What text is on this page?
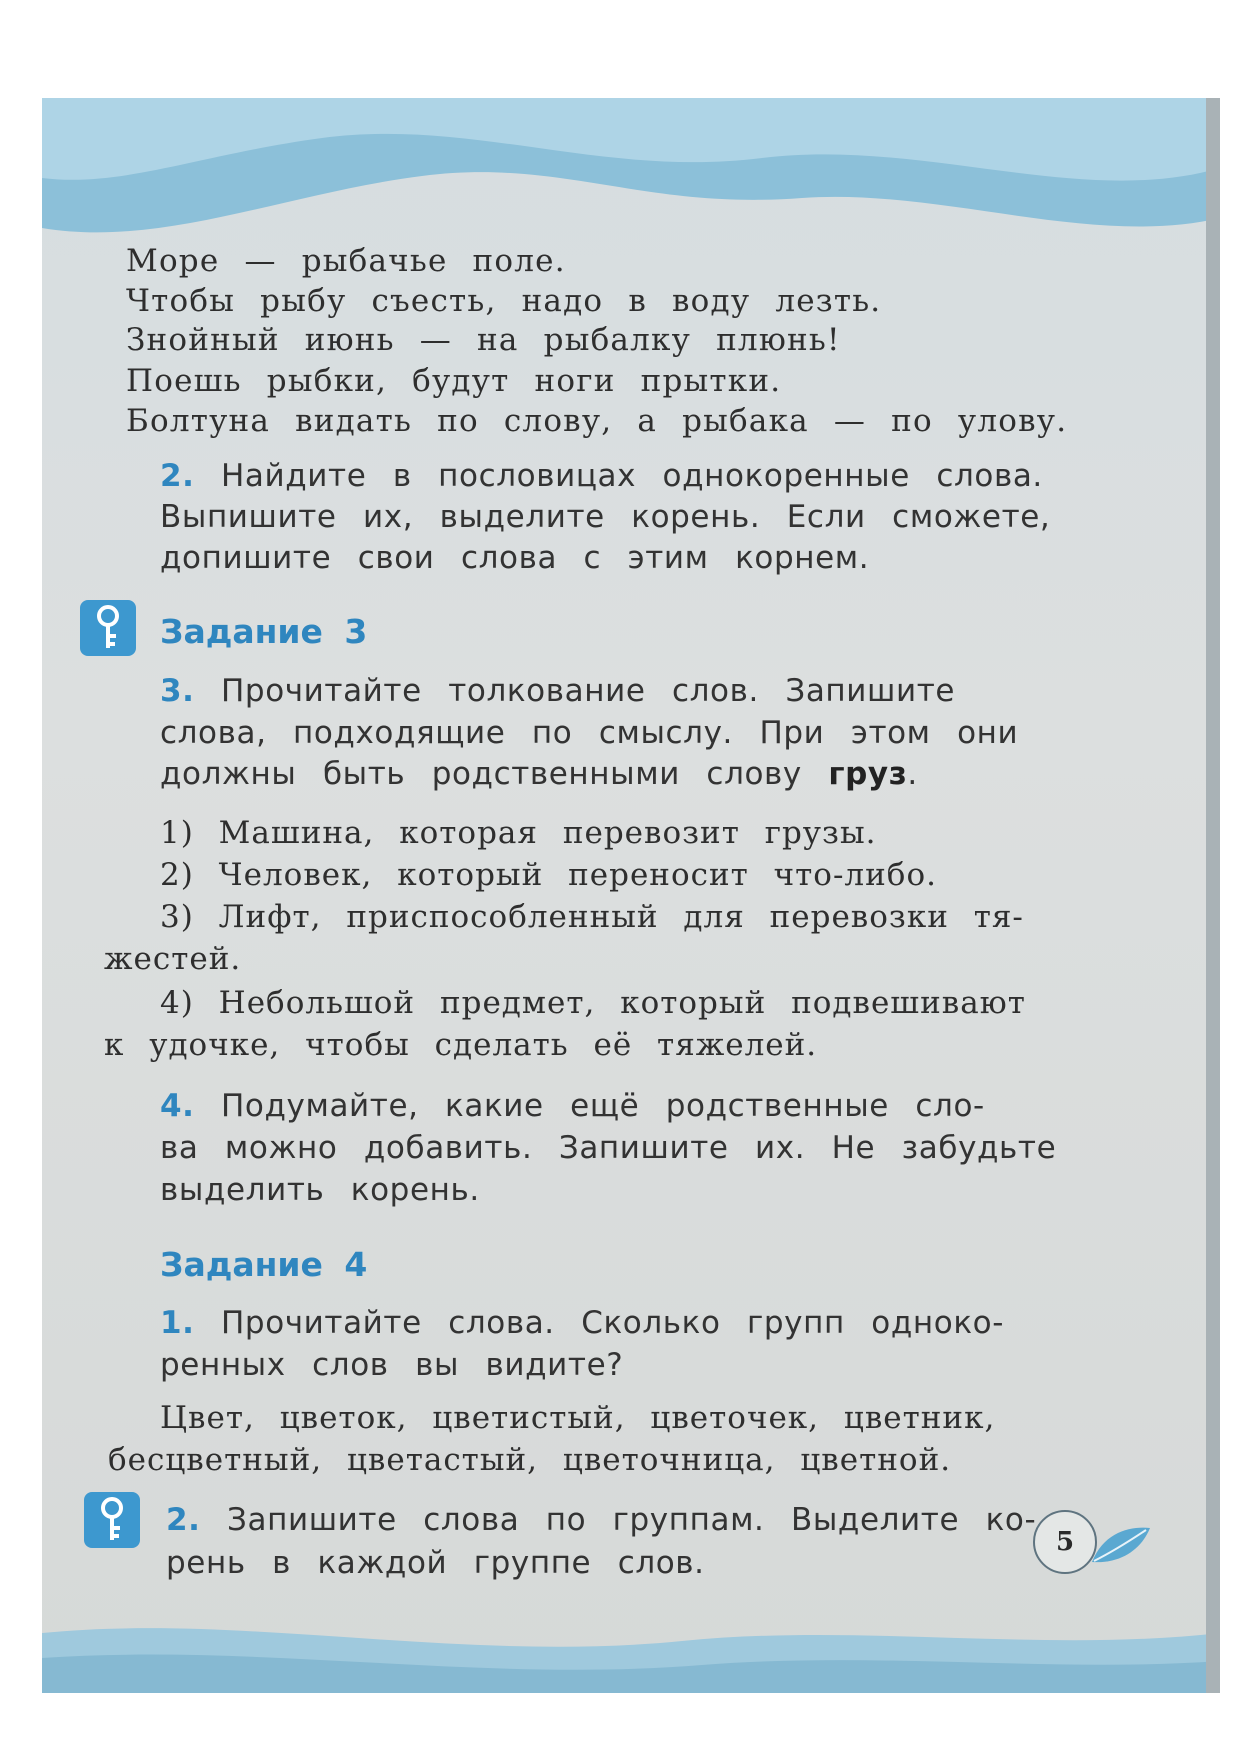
Море — рыбачье поле.
Чтобы рыбу съесть, надо в воду лезть.
Знойный июнь — на рыбалку плюнь!
Поешь рыбки, будут ноги прытки.
Болтуна видать по слову, а рыбака — по улову.
2. Найдите в пословицах однокоренные слова.
Выпишите их, выделите корень. Если сможете,
допишите свои слова с этим корнем.
Задание 3
3. Прочитайте толкование слов. Запишите
слова, подходящие по смыслу. При этом они
должны быть родственными слову груз.
1) Машина, которая перевозит грузы.
2) Человек, который переносит что-либо.
3) Лифт, приспособленный для перевозки тя-
жестей.
4) Небольшой предмет, который подвешивают
к удочке, чтобы сделать её тяжелей.
4. Подумайте, какие ещё родственные сло-
ва можно добавить. Запишите их. Не забудьте
выделить корень.
Задание 4
1. Прочитайте слова. Сколько групп одноко-
ренных слов вы видите?
Цвет, цветок, цветистый, цветочек, цветник,
бесцветный, цветастый, цветочница, цветной.
2. Запишите слова по группам. Выделите ко-
рень в каждой группе слов.
5
